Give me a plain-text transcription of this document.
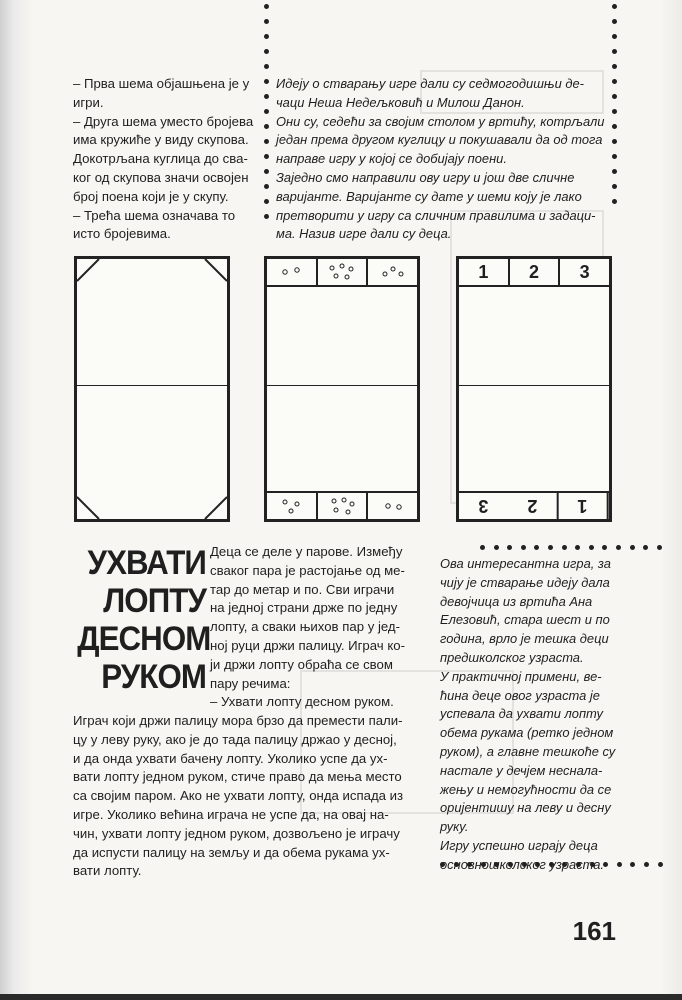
– Прва шема објашњена је у
игри.
– Друга шема уместо бројева
има кружиће у виду скупова.
Докотрљана куглица до сва-
ког од скупова значи освојен
број поена који је у скупу.
– Трећа шема означава то
исто бројевима.
Идеју о стварању игре дали су седмогодишњи де-
чаци Неша Недељковић и Милош Данон.
Они су, седећи за својим столом у вртићу, котрљали
један према другом куглицу и покушавали да од тога
направе игру у којој се добијају поени.
Заједно смо направили ову игру и још две сличне
варијанте. Варијанте су дате у шеми коју је лако
претворити у игру са сличним правилима и задаци-
ма. Назив игре дали су деца.
1	2	3
3	2	1
УХВАТИ
ЛОПТУ
ДЕСНОМ
РУКОМ
Деца се деле у парове. Између
сваког пара је растојање од ме-
тар до метар и по. Сви играчи
на једној страни држе по једну
лопту, а сваки њихов пар у јед-
ној руци држи палицу. Играч ко-
ји држи лопту обраћа се свом
пару речима:
– Ухвати лопту десном руком.
Играч који држи палицу мора брзо да премести пали-
цу у леву руку, ако је до тада палицу држао у десној,
и да онда ухвати бачену лопту. Уколико успе да ух-
вати лопту једном руком, стиче право да мења место
са својим паром. Ако не ухвати лопту, онда испада из
игре. Уколико већина играча не успе да, на овај на-
чин, ухвати лопту једном руком, дозвољено је играчу
да испусти палицу на земљу и да обема рукама ух-
вати лопту.
Ова интересантна игра, за
чију је стварање идеју дала
девојчица из вртића Ана
Елезовић, стара шест и по
година, врло је тешка деци
предшколског узраста.
У практичној примени, ве-
ћина деце овог узраста је
успевала да ухвати лопту
обема рукама (ретко једном
руком), а главне тешкоће су
настале у дечјем несналa-
жењу и немогућности да се
оријентишу на леву и десну
руку.
Игру успешно играју деца
основношколског узраста.
161
